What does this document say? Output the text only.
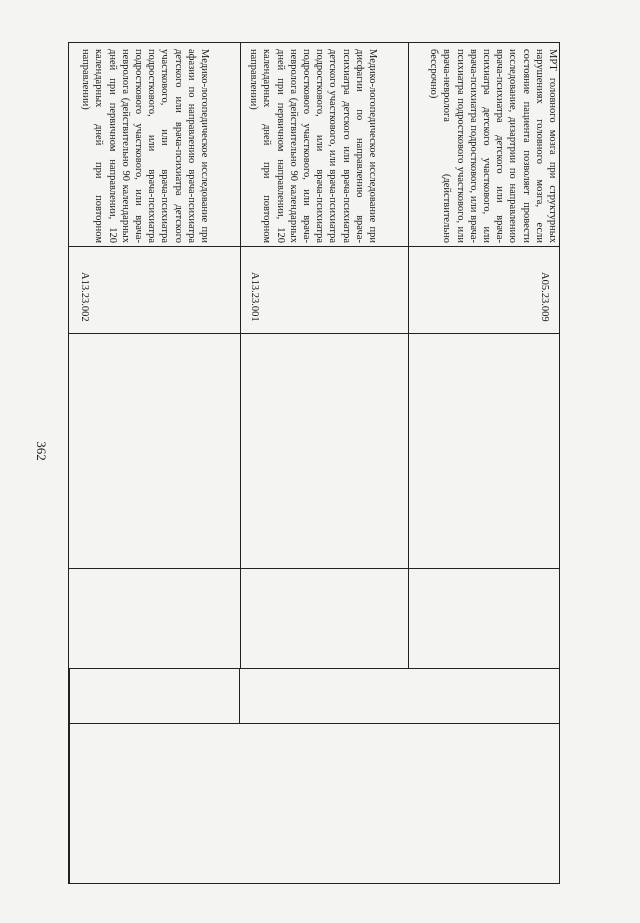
362
МРТ головного мозга при структурных нарушениях головного мозга, если состояние пациента позволяет провести исследование, дизартрии по направлению врача-психиатра детского или врача-психиатра детского участкового, или врача-психиатра подросткового, или врача-психиатра подросткового участкового, или врача-невролога (действительно бессрочно)
A05.23.009
Медико-логопедическое исследование при дисфагии по направлению врача-психиатра детского или врача-психиатра детского участкового, или врача-психиатра подросткового, или врача-психиатра подросткового участкового, или врача-невролога (действительно 90 календарных дней при первичном направлении, 120 календарных дней при повторном направлении)
A13.23.001
Медико-логопедическое исследование при афазии по направлению врача-психиатра детского или врача-психиатра детского участкового, или врача-психиатра подросткового, или врача-психиатра подросткового участкового, или врача-невролога (действительно 90 календарных дней при первичном направлении, 120 календарных дней при повторном направлении)
A13.23.002
